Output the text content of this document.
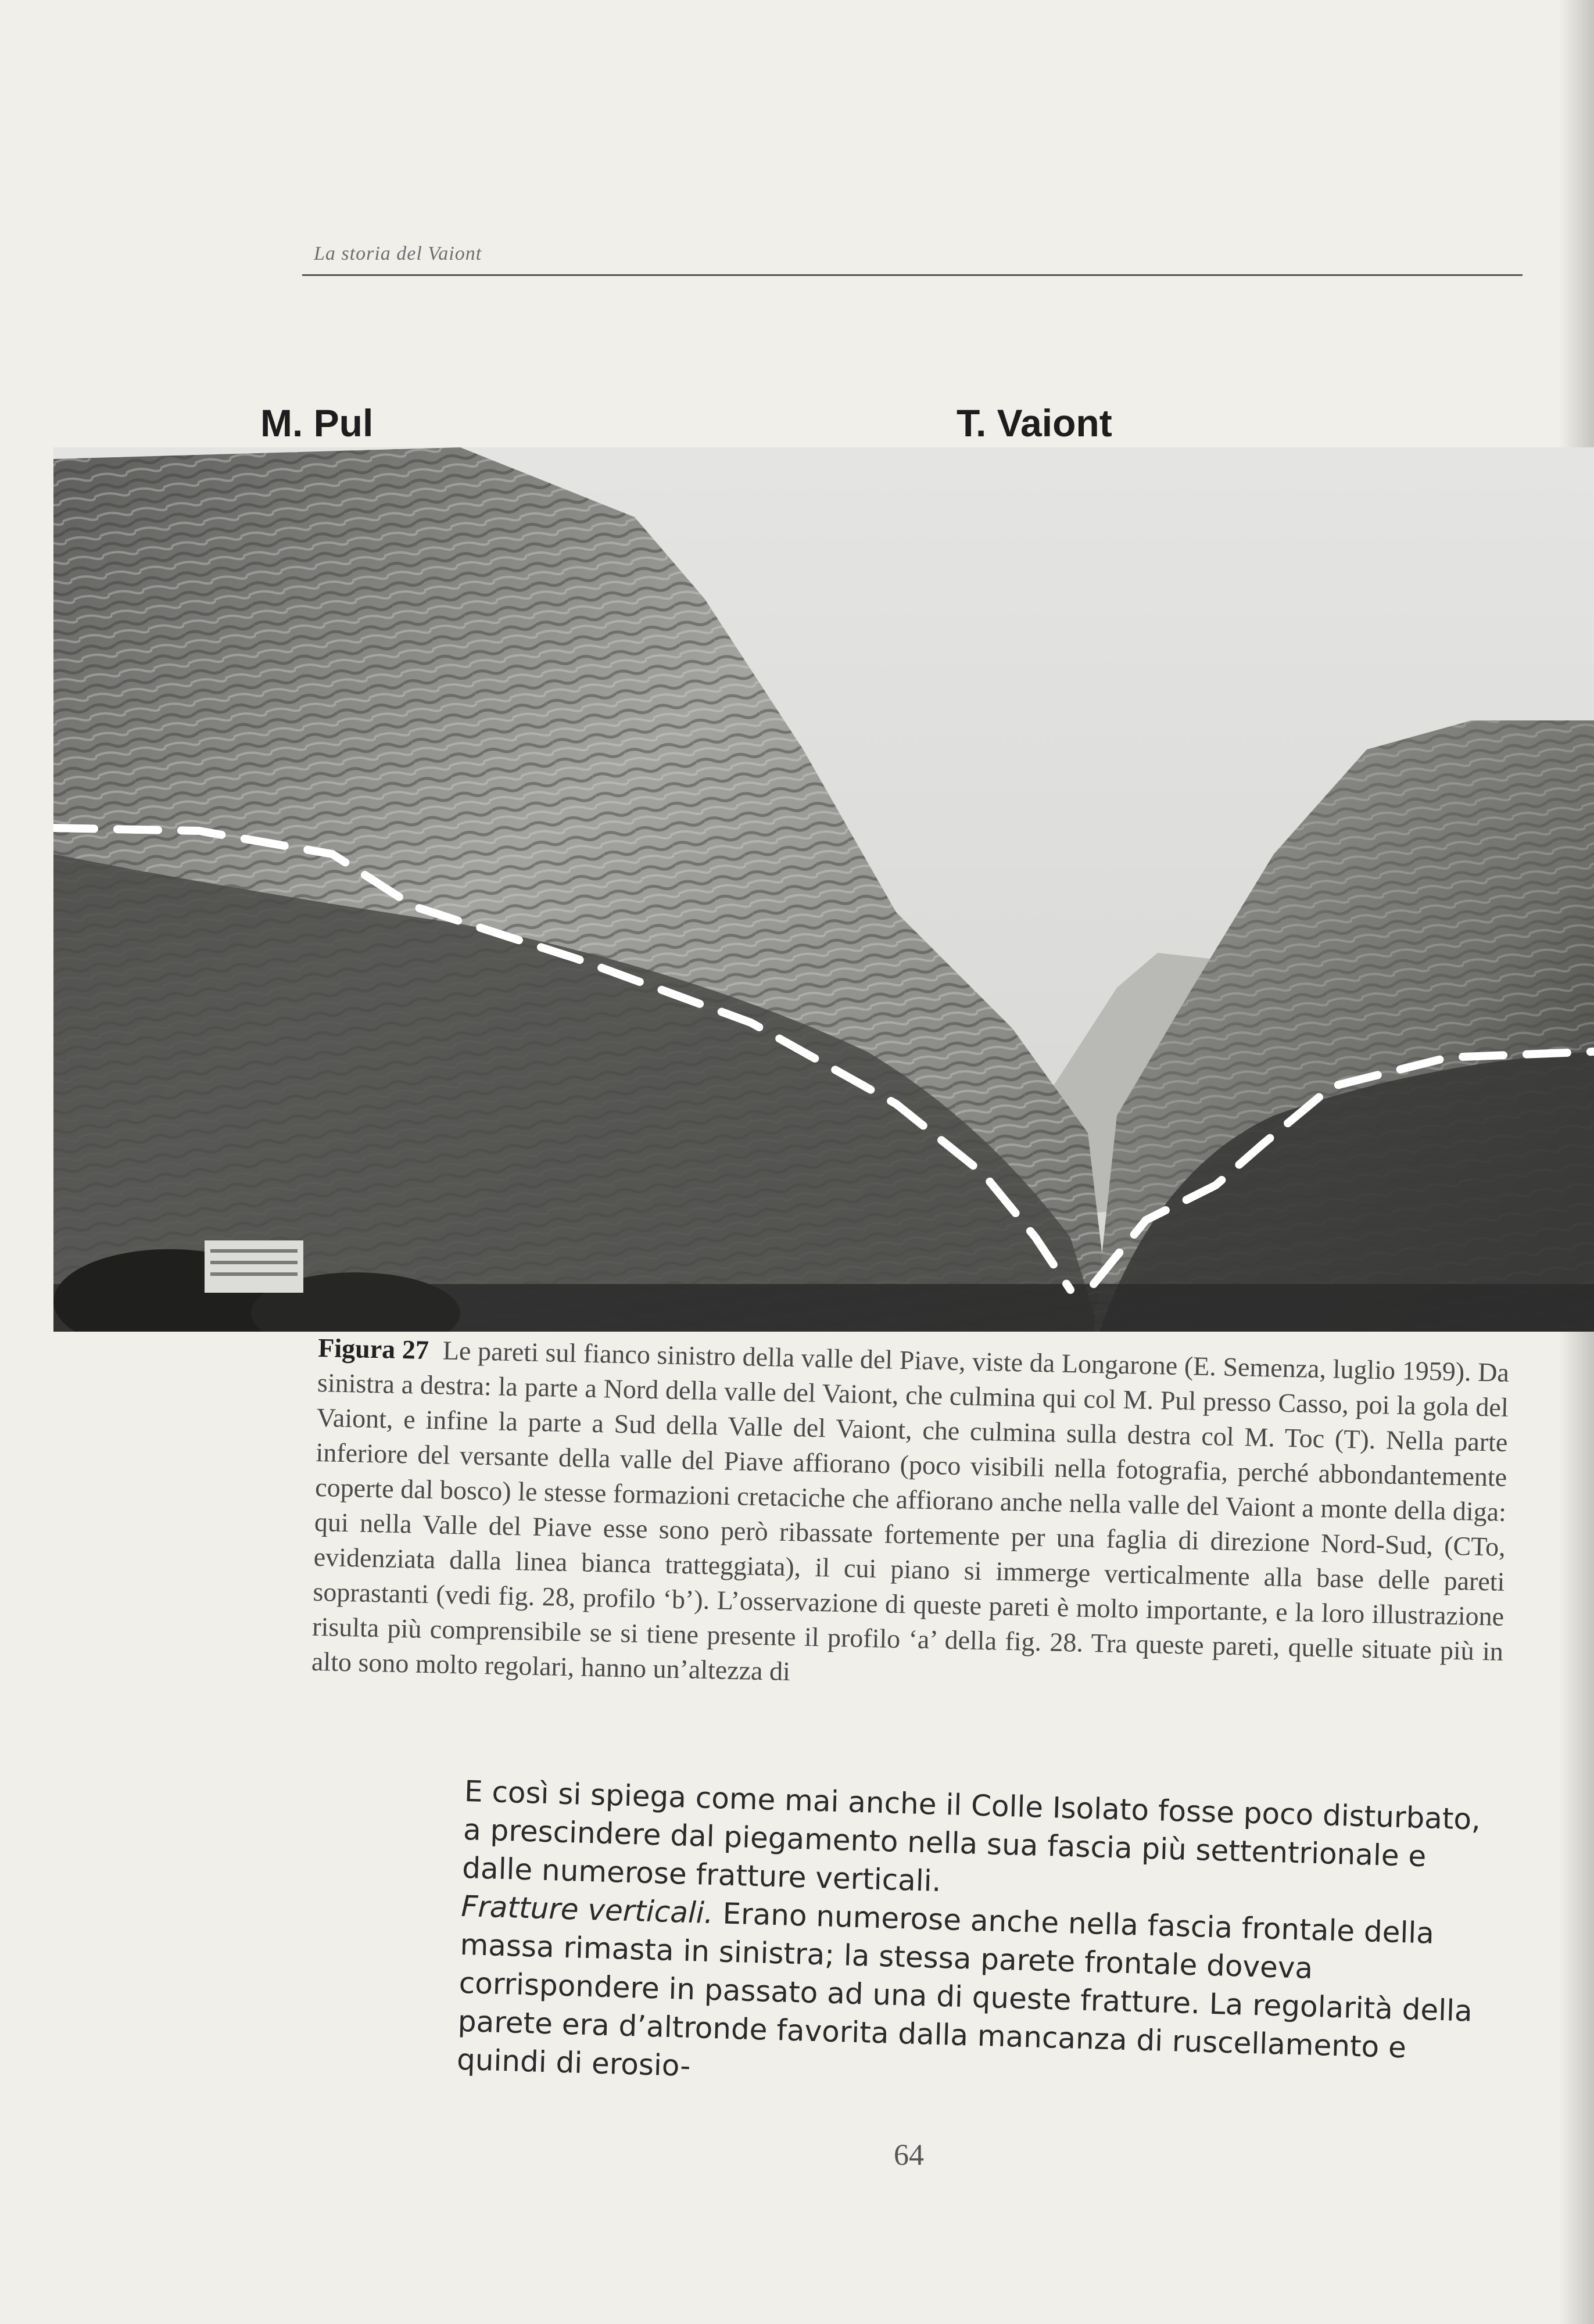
La storia del Vaiont
M. Pul	T. Vaiont
Figura 27 Le pareti sul fianco sinistro della valle del Piave, viste da Longarone (E. Semenza, luglio 1959). Da sinistra a destra: la parte a Nord della valle del Vaiont, che culmina qui col M. Pul presso Casso, poi la gola del Vaiont, e infine la parte a Sud della Valle del Vaiont, che culmina sulla destra col M. Toc (T). Nella parte inferiore del versante della valle del Piave affiorano (poco visibili nella fotografia, perché abbondantemente coperte dal bosco) le stesse formazioni cretaciche che affiorano anche nella valle del Vaiont a monte della diga: qui nella Valle del Piave esse sono però ribassate fortemente per una faglia di direzione Nord-Sud, (CTo, evidenziata dalla linea bianca tratteggiata), il cui piano si immerge verticalmente alla base delle pareti soprastanti (vedi fig. 28, profilo ‘b’). L’osservazione di queste pareti è molto importante, e la loro illustrazione risulta più comprensibile se si tiene presente il profilo ‘a’ della fig. 28. Tra queste pareti, quelle situate più in alto sono molto regolari, hanno un’altezza di

E così si spiega come mai anche il Colle Isolato fosse poco disturbato, a prescindere dal piegamento nella sua fascia più settentrionale e dalle numerose fratture verticali.

Fratture verticali. Erano numerose anche nella fascia frontale della massa rimasta in sinistra; la stessa parete frontale doveva corrispondere in passato ad una di queste fratture. La regolarità della parete era d’altronde favorita dalla mancanza di ruscellamento e quindi di erosio-

64
